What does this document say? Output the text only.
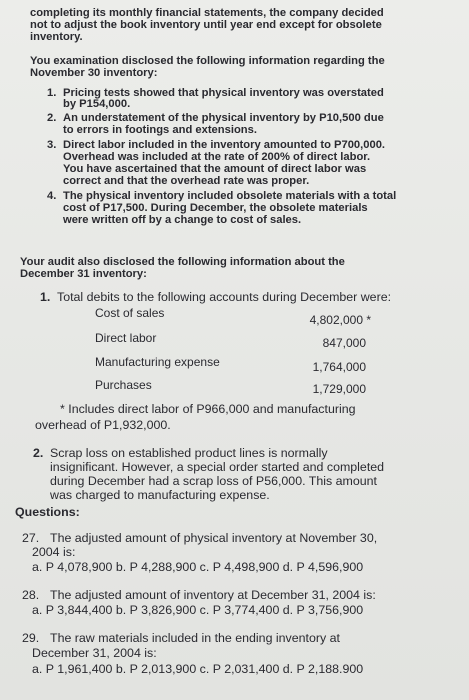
completing its monthly financial statements, the company decided
not to adjust the book inventory until year end except for obsolete
inventory.
You examination disclosed the following information regarding the
November 30 inventory:
1. Pricing tests showed that physical inventory was overstated
by P154,000.
2. An understatement of the physical inventory by P10,500 due
to errors in footings and extensions.
3. Direct labor included in the inventory amounted to P700,000.
Overhead was included at the rate of 200% of direct labor.
You have ascertained that the amount of direct labor was
correct and that the overhead rate was proper.
4. The physical inventory included obsolete materials with a total
cost of P17,500. During December, the obsolete materials
were written off by a change to cost of sales.
Your audit also disclosed the following information about the
December 31 inventory:
1. Total debits to the following accounts during December were:
Cost of sales	4,802,000 *
Direct labor	847,000
Manufacturing expense	1,764,000
Purchases	1,729,000
* Includes direct labor of P966,000 and manufacturing
overhead of P1,932,000.
2. Scrap loss on established product lines is normally
insignificant. However, a special order started and completed
during December had a scrap loss of P56,000. This amount
was charged to manufacturing expense.
Questions:
27. The adjusted amount of physical inventory at November 30,
2004 is:
a. P 4,078,900 b. P 4,288,900 c. P 4,498,900 d. P 4,596,900
28. The adjusted amount of inventory at December 31, 2004 is:
a. P 3,844,400 b. P 3,826,900 c. P 3,774,400 d. P 3,756,900
29. The raw materials included in the ending inventory at
December 31, 2004 is:
a. P 1,961,400 b. P 2,013,900 c. P 2,031,400 d. P 2,188.900
